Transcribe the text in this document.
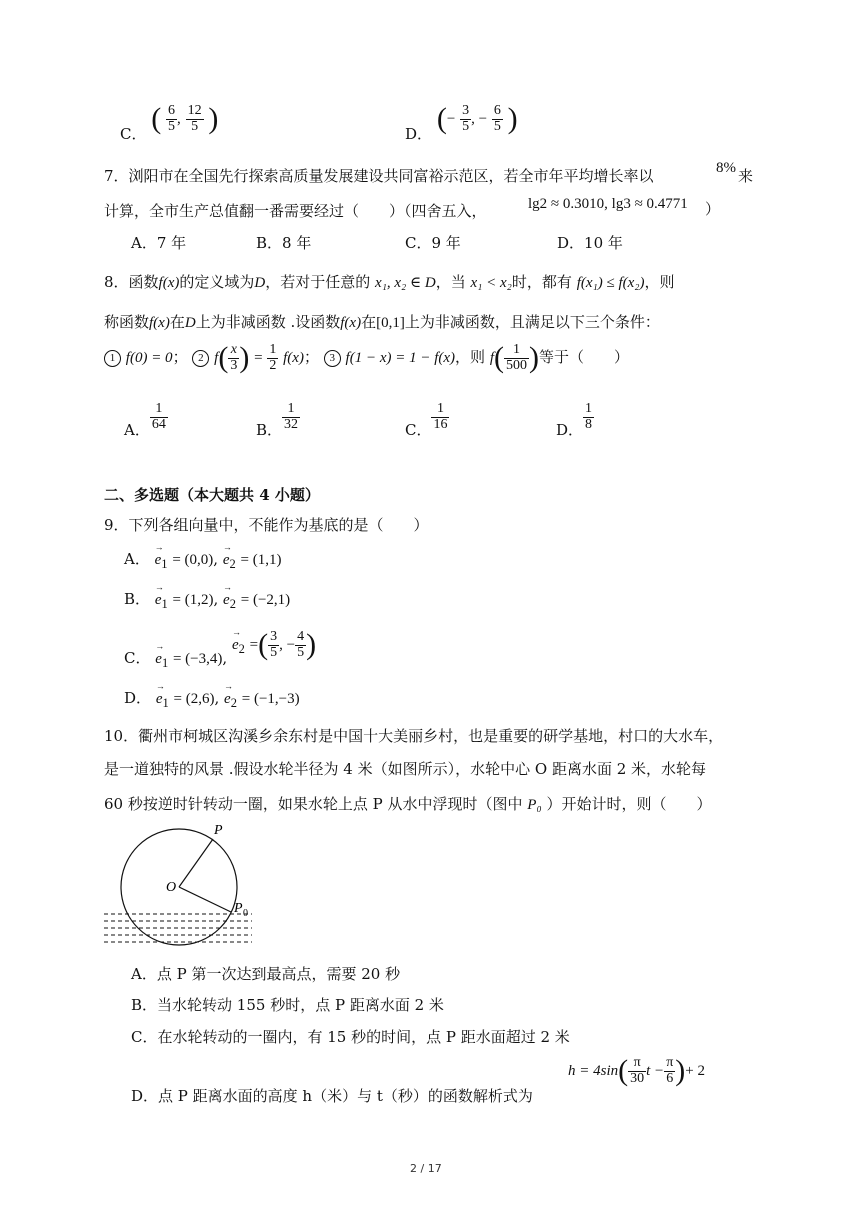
C． ( $\frac{6}{5}$ , $\frac{12}{5}$ )	D． (− $\frac{3}{5}$ , − $\frac{6}{5}$ )
7．浏阳市在全国先行探索高质量发展建设共同富裕示范区，若全市年平均增长率以	8% 来
计算，全市生产总值翻一番需要经过（　　）（四舍五入，	lg2 ≈ 0.3010, lg3 ≈ 0.4771 ）
A．7 年	B．8 年	C．9 年	D．10 年
8．函数f(x)的定义域为D，若对于任意的 x₁, x₂ ∈ D，当 x₁ < x₂时，都有 f(x₁) ≤ f(x₂)，则
称函数f(x)在D上为非减函数 .设函数f(x)在[0,1]上为非减函数，且满足以下三个条件：
1 f(0) = 0； 2 $f( \frac{x}{3}$ ) = $\frac{1}{2} f(x)$； 3 f(1 − x) = 1 − f(x)，则 $f( \frac{1}{500}$ )等于（　　）
A． $\frac{1}{64}$	B． $\frac{1}{32}$	C． $\frac{1}{16}$	D． $\frac{1}{8}$
二、多选题（本大题共 4 小题）
9．下列各组向量中，不能作为基底的是（　　）
A． → $e_1 = (0,0)$, → $e_2 = (1,1)$
B． → $e_1 = (1,2)$, → $e_2 = (-2,1)$
C． → $e_1 = (-3,4)$, → $e_2$ =( $\frac{3}{5}$ , − $\frac{4}{5}$ )
D． → $e_1 = (2,6)$, → $e_2 = (-1,-3)$
10．衢州市柯城区沟溪乡余东村是中国十大美丽乡村，也是重要的研学基地，村口的大水车，
是一道独特的风景 .假设水轮半径为 4 米（如图所示），水轮中心 O 距离水面 2 米，水轮每
60 秒按逆时针转动一圈，如果水轮上点 P 从水中浮现时（图中 P₀ ）开始计时，则（　　）
P
O
P 0
A．点 P 第一次达到最高点，需要 20 秒
B．当水轮转动 155 秒时，点 P 距离水面 2 米
C．在水轮转动的一圈内，有 15 秒的时间，点 P 距水面超过 2 米
D．点 P 距离水面的高度 h（米）与 t（秒）的函数解析式为
$h = 4\sin( \frac{\pi}{30}$ $t - \frac{\pi}{6}$ )+ 2
2 / 17
